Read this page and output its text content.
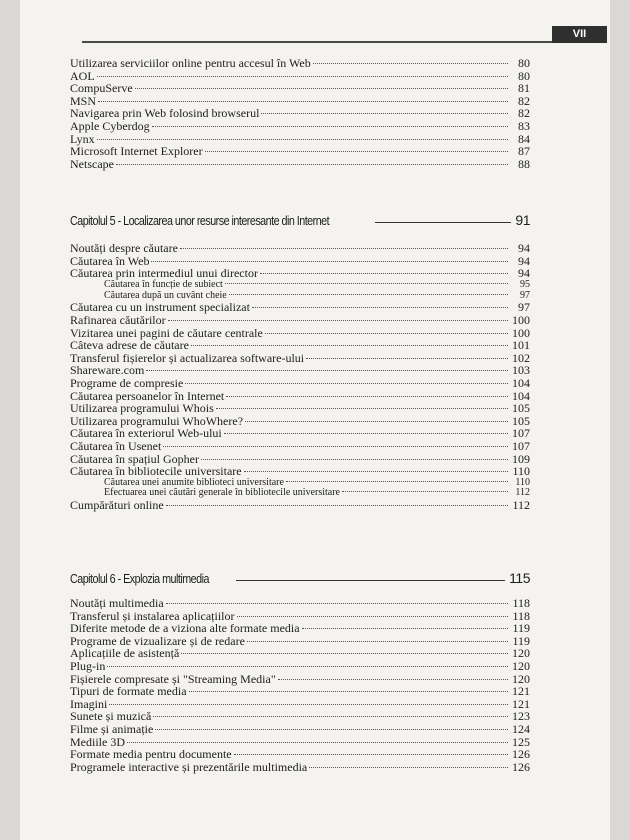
VII
Utilizarea serviciilor online pentru accesul în Web	80
AOL	80
CompuServe	81
MSN	82
Navigarea prin Web folosind browserul	82
Apple Cyberdog	83
Lynx	84
Microsoft Internet Explorer	87
Netscape	88
Capitolul 5 - Localizarea unor resurse interesante din Internet	91
Noutăți despre căutare	94
Căutarea în Web	94
Căutarea prin intermediul unui director	94
Căutarea în funcție de subiect	95
Căutarea după un cuvânt cheie	97
Căutarea cu un instrument specializat	97
Rafinarea căutărilor	100
Vizitarea unei pagini de căutare centrale	100
Câteva adrese de căutare	101
Transferul fișierelor și actualizarea software-ului	102
Shareware.com	103
Programe de compresie	104
Căutarea persoanelor în Internet	104
Utilizarea programului Whois	105
Utilizarea programului WhoWhere?	105
Căutarea în exteriorul Web-ului	107
Căutarea în Usenet	107
Căutarea în spațiul Gopher	109
Căutarea în bibliotecile universitare	110
Căutarea unei anumite biblioteci universitare	110
Efectuarea unei căutări generale în bibliotecile universitare	112
Cumpărături online	112
Capitolul 6 - Explozia multimedia	115
Noutăți multimedia	118
Transferul și instalarea aplicațiilor	118
Diferite metode de a viziona alte formate media	119
Programe de vizualizare și de redare	119
Aplicațiile de asistență	120
Plug-in	120
Fișierele compresate și "Streaming Media"	120
Tipuri de formate media	121
Imagini	121
Sunete și muzică	123
Filme și animație	124
Mediile 3D	125
Formate media pentru documente	126
Programele interactive și prezentările multimedia	126
